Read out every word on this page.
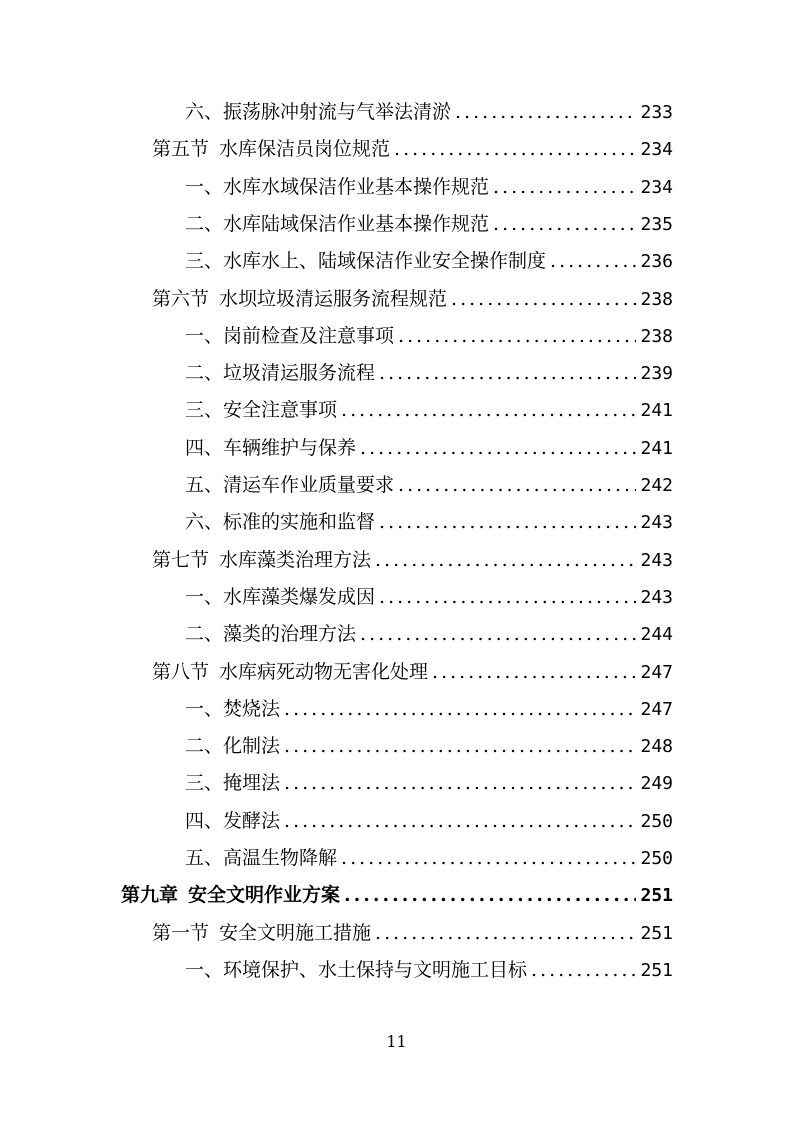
六、振荡脉冲射流与气举法清淤 .....	233
第五节 水库保洁员岗位规范 .....	234
一、水库水域保洁作业基本操作规范 .....	234
二、水库陆域保洁作业基本操作规范 .....	235
三、水库水上、陆域保洁作业安全操作制度 .....	236
第六节 水坝垃圾清运服务流程规范 .....	238
一、岗前检查及注意事项 .....	238
二、垃圾清运服务流程 .....	239
三、安全注意事项 .....	241
四、车辆维护与保养 .....	241
五、清运车作业质量要求 .....	242
六、标准的实施和监督 .....	243
第七节 水库藻类治理方法 .....	243
一、水库藻类爆发成因 .....	243
二、藻类的治理方法 .....	244
第八节 水库病死动物无害化处理 .....	247
一、焚烧法 .....	247
二、化制法 .....	248
三、掩埋法 .....	249
四、发酵法 .....	250
五、高温生物降解 .....	250
第九章 安全文明作业方案 .....	251
第一节 安全文明施工措施 .....	251
一、环境保护、水土保持与文明施工目标 .....	251
11
